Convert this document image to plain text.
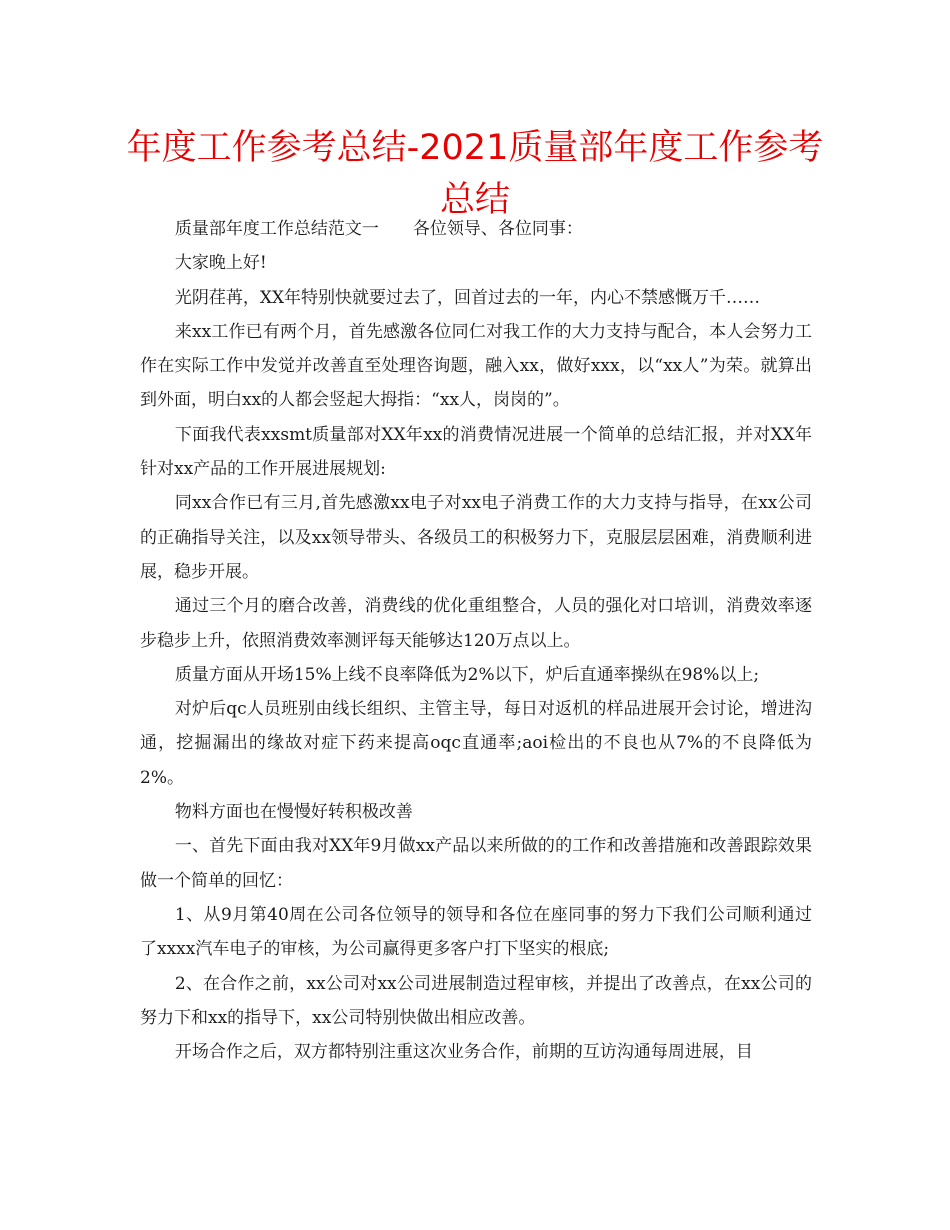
年度工作参考总结-2021质量部年度工作参考总结

质量部年度工作总结范文一　　各位领导、各位同事：

大家晚上好!

光阴荏苒，XX年特别快就要过去了，回首过去的一年，内心不禁感慨万千……

来xx工作已有两个月，首先感激各位同仁对我工作的大力支持与配合，本人会努力工作在实际工作中发觉并改善直至处理咨询题，融入xx，做好xxx，以“xx人”为荣。就算出到外面，明白xx的人都会竖起大拇指：“xx人，岗岗的”。

下面我代表xxsmt质量部对XX年xx的消费情况进展一个简单的总结汇报，并对XX年针对xx产品的工作开展进展规划:

同xx合作已有三月,首先感激xx电子对xx电子消费工作的大力支持与指导，在xx公司的正确指导关注，以及xx领导带头、各级员工的积极努力下，克服层层困难，消费顺利进展，稳步开展。

通过三个月的磨合改善，消费线的优化重组整合，人员的强化对口培训，消费效率逐步稳步上升，依照消费效率测评每天能够达120万点以上。

质量方面从开场15%上线不良率降低为2%以下，炉后直通率操纵在98%以上;

对炉后qc人员班别由线长组织、主管主导，每日对返机的样品进展开会讨论，增进沟通，挖掘漏出的缘故对症下药来提高oqc直通率;aoi检出的不良也从7%的不良降低为2%。

物料方面也在慢慢好转积极改善

一、首先下面由我对XX年9月做xx产品以来所做的的工作和改善措施和改善跟踪效果做一个简单的回忆：

1、从9月第40周在公司各位领导的领导和各位在座同事的努力下我们公司顺利通过了xxxx汽车电子的审核，为公司赢得更多客户打下坚实的根底;

2、在合作之前，xx公司对xx公司进展制造过程审核，并提出了改善点，在xx公司的努力下和xx的指导下，xx公司特别快做出相应改善。

开场合作之后，双方都特别注重这次业务合作，前期的互访沟通每周进展，目
